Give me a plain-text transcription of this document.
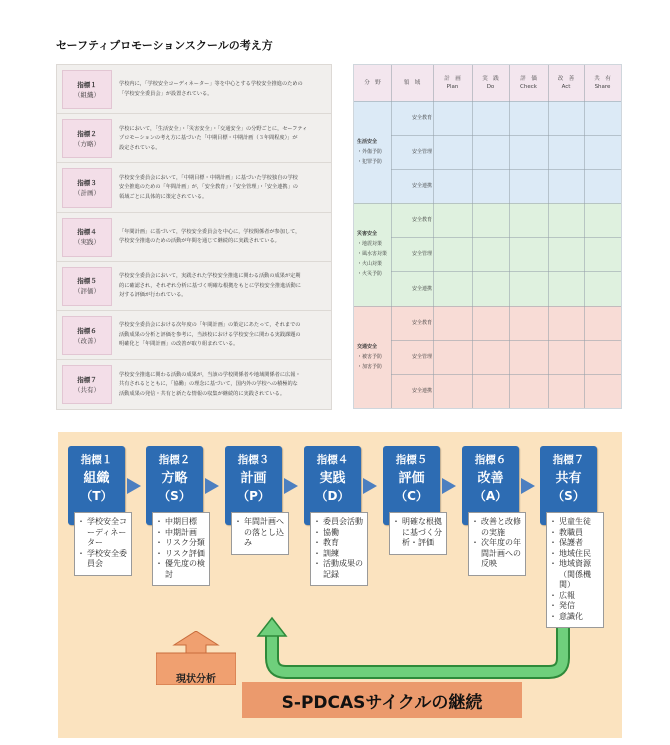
セーフティプロモーションスクールの考え方
指標１
（組織）
学校内に，「学校安全コーディネーター」等を中心とする学校安全推進のための
「学校安全委員会」が設置されている。
指標２
（方略）
学校において，「生活安全」・「災害安全」・「交通安全」の分野ごとに，セーフティ
プロモーションの考え方に基づいた「中期目標・中期計画（３年間程度）」が
設定されている。
指標３
（計画）
学校安全委員会において，「中期目標・中期計画」に基づいた学校独自の学校
安全推進のための「年間計画」が，「安全教育」・「安全管理」・「安全連携」の
領域ごとに具体的に策定されている。
指標４
（実践）
「年間計画」に基づいて，学校安全委員会を中心に，学校関係者が参加して，
学校安全推進のための活動が年間を通じて継続的に実践されている。
指標５
（評価）
学校安全委員会において，実践された学校安全推進に関わる活動の成果が定期
的に確認され，それぞれ分析に基づく明確な根拠をもとに学校安全推進活動に
対する評価が行われている。
指標６
（改善）
学校安全委員会における次年度の「年間計画」の策定にあたって，それまでの
活動成果の分析と評価を参考に，当該校における学校安全に関わる実践課題の
明確化と「年間計画」の改善が取り組まれている。
指標７
（共有）
学校安全推進に関わる活動の成果が，当該の学校関係者や地域関係者に広報・
共有されるとともに，「協働」の理念に基づいて，国内外の学校への積極的な
活動成果の発信・共有と新たな情報の収集が継続的に実践されている。
分　野	領　域
計　画
Plan
実　践
Do
評　価
Check
改　善
Act
共　有
Share
生活安全
・外傷予防
・犯罪予防
安全教育
安全管理
安全連携
災害安全
・地震対策
・風水害対策
・火山対策
・火災予防
安全教育
安全管理
安全連携
交通安全
・被害予防
・加害予防
安全教育
安全管理
安全連携
現状分析
S-PDCASサイクルの継続
指標１
組織
（T）
・ 学校安全コーディネーター
・ 学校安全委員会
指標２
方略
（S）
・ 中期目標
・ 中期計画
・ リスク分類
・ リスク評価
・ 優先度の検討
指標３
計画
（P）
・ 年間計画への落とし込み
指標４
実践
（D）
・ 委員会活動
・ 協働
・ 教育
・ 訓練
・ 活動成果の記録
指標５
評価
（C）
・ 明確な根拠に基づく分析・評価
指標６
改善
（A）
・ 改善と改修の実施
・ 次年度の年間計画への反映
指標７
共有
（S）
・ 児童生徒
・ 教職員
・ 保護者
・ 地域住民
・ 地域資源（関係機関）
・ 広報
・ 発信
・ 意識化
